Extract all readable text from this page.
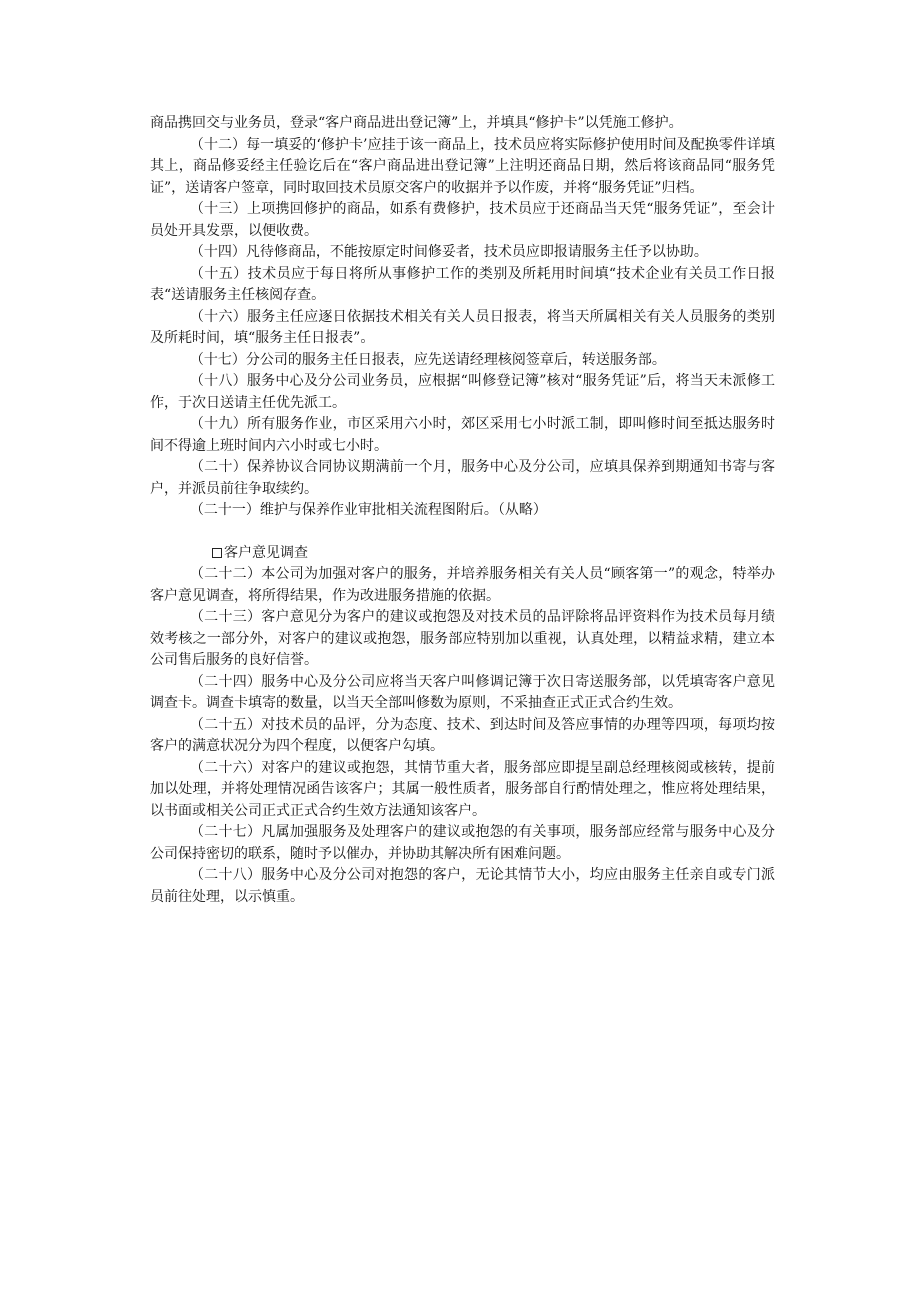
商品携回交与业务员，登录“客户商品进出登记簿”上，并填具“修护卡”以凭施工修护。

（十二）每一填妥的‘修护卡’应挂于该一商品上，技术员应将实际修护使用时间及配换零件详填其上，商品修妥经主任验讫后在“客户商品进出登记簿”上注明还商品日期，然后将该商品同“服务凭证”，送请客户签章，同时取回技术员原交客户的收据并予以作废，并将“服务凭证”归档。

（十三）上项携回修护的商品，如系有费修护，技术员应于还商品当天凭“服务凭证”，至会计员处开具发票，以便收费。

（十四）凡待修商品，不能按原定时间修妥者，技术员应即报请服务主任予以协助。

（十五）技术员应于每日将所从事修护工作的类别及所耗用时间填“技术企业有关员工作日报表“送请服务主任核阅存查。

（十六）服务主任应逐日依据技术相关有关人员日报表，将当天所属相关有关人员服务的类别及所耗时间，填“服务主任日报表”。

（十七）分公司的服务主任日报表，应先送请经理核阅签章后，转送服务部。

（十八）服务中心及分公司业务员，应根据“叫修登记簿”核对“服务凭证”后，将当天未派修工作，于次日送请主任优先派工。

（十九）所有服务作业，市区采用六小时，郊区采用七小时派工制，即叫修时间至抵达服务时间不得逾上班时间内六小时或七小时。

（二十）保养协议合同协议期满前一个月，服务中心及分公司，应填具保养到期通知书寄与客户，并派员前往争取续约。

（二十一）维护与保养作业审批相关流程图附后。（从略）

客户意见调查

（二十二）本公司为加强对客户的服务，并培养服务相关有关人员“顾客第一”的观念，特举办客户意见调查，将所得结果，作为改进服务措施的依据。

（二十三）客户意见分为客户的建议或抱怨及对技术员的品评除将品评资料作为技术员每月绩效考核之一部分外，对客户的建议或抱怨，服务部应特别加以重视，认真处理，以精益求精，建立本公司售后服务的良好信誉。

（二十四）服务中心及分公司应将当天客户叫修调记簿于次日寄送服务部，以凭填寄客户意见调查卡。调查卡填寄的数量，以当天全部叫修数为原则，不采抽查正式正式合约生效。

（二十五）对技术员的品评，分为态度、技术、到达时间及答应事情的办理等四项，每项均按客户的满意状况分为四个程度，以便客户勾填。

（二十六）对客户的建议或抱怨，其情节重大者，服务部应即提呈副总经理核阅或核转，提前加以处理，并将处理情况函告该客户；其属一般性质者，服务部自行酌情处理之，惟应将处理结果，以书面或相关公司正式正式合约生效方法通知该客户。

（二十七）凡属加强服务及处理客户的建议或抱怨的有关事项，服务部应经常与服务中心及分公司保持密切的联系，随时予以催办，并协助其解决所有困难问题。

（二十八）服务中心及分公司对抱怨的客户，无论其情节大小，均应由服务主任亲自或专门派员前往处理，以示慎重。
